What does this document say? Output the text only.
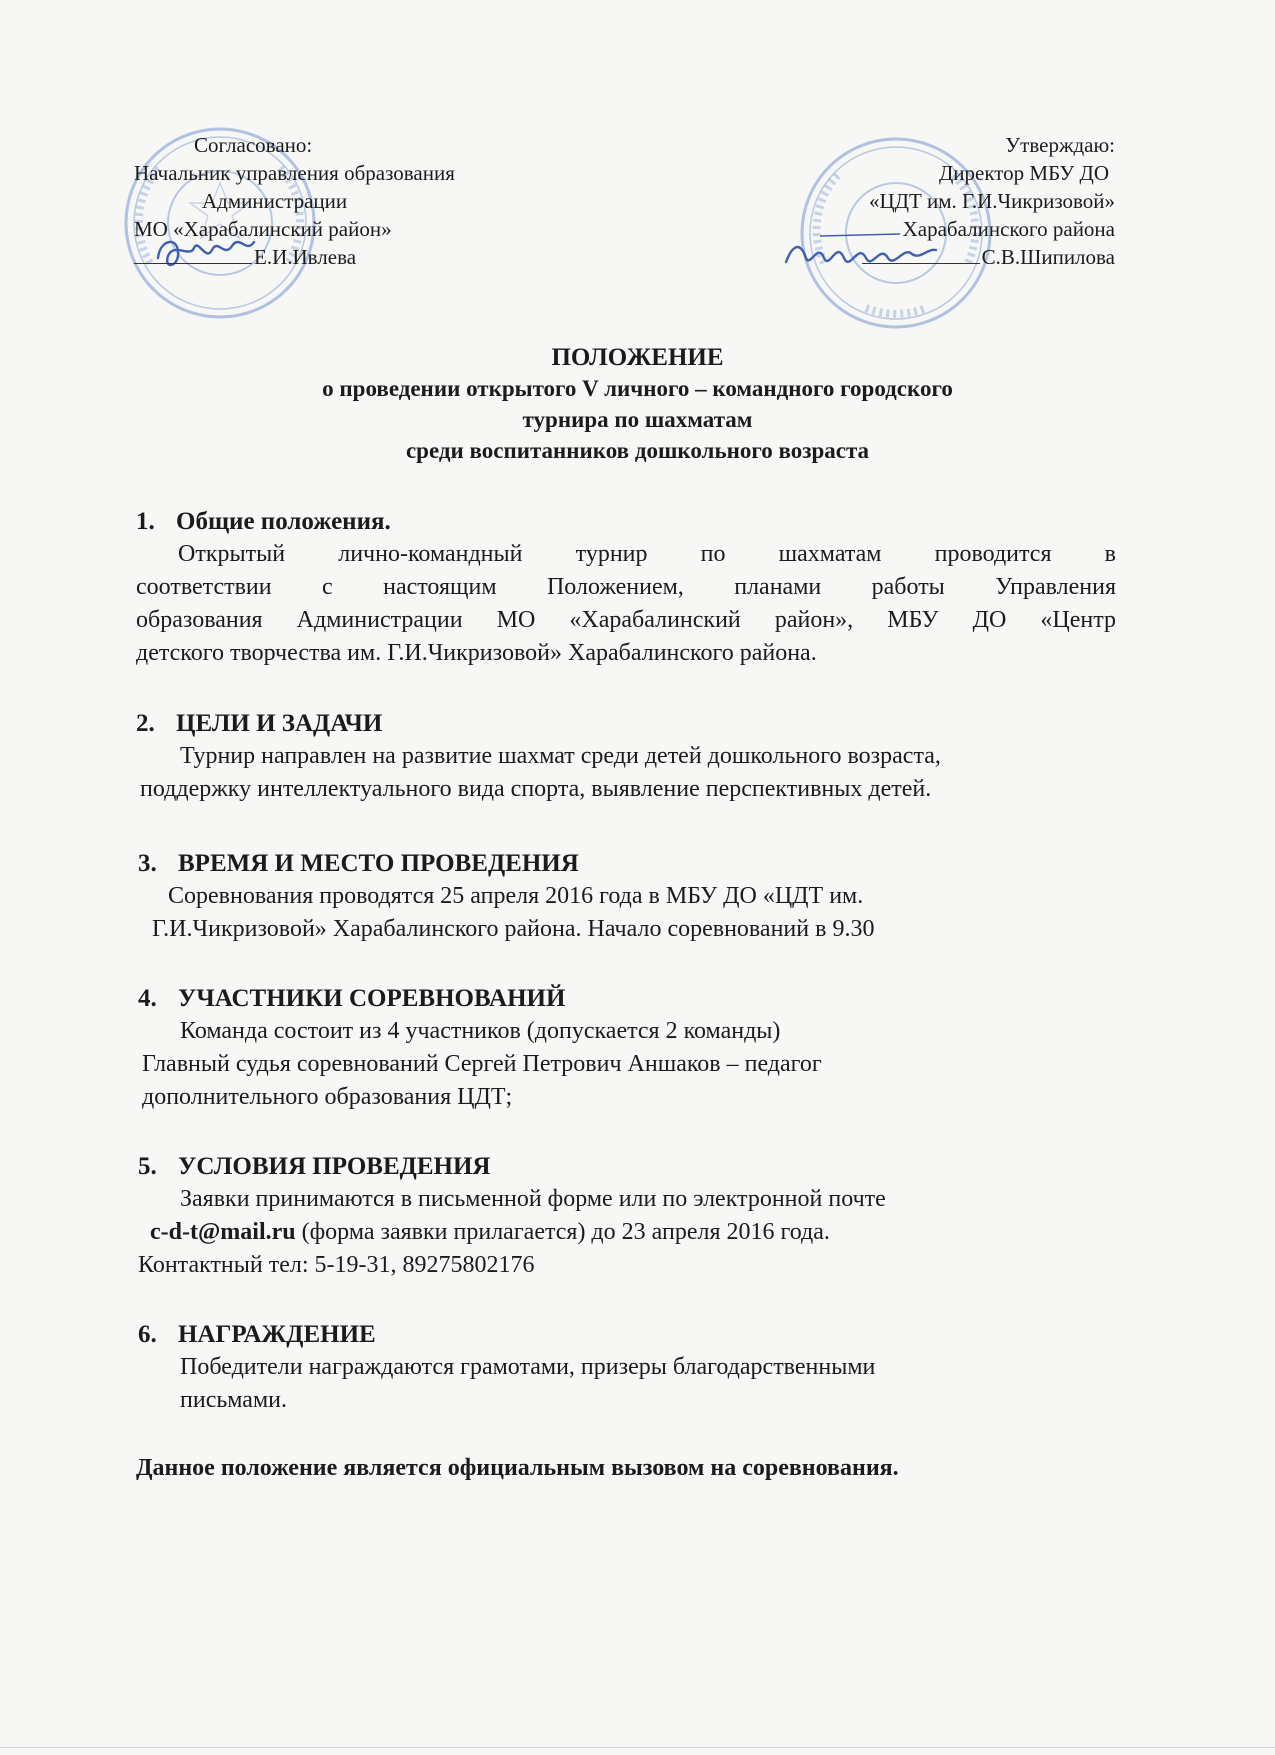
Согласовано:
Начальник управления образования
Администрации
МО «Харабалинский район»
Е.И.Ивлева
Утверждаю:
Директор МБУ ДО
«ЦДТ им. Г.И.Чикризовой»
Харабалинского района
С.В.Шипилова
ПОЛОЖЕНИЕ
о проведении открытого V личного – командного городского
турнира по шахматам
среди воспитанников дошкольного возраста
1. Общие положения.
Открытый лично-командный турнир по шахматам проводится в
соответствии с настоящим Положением, планами работы Управления
образования Администрации МО «Харабалинский район», МБУ ДО «Центр
детского творчества им. Г.И.Чикризовой» Харабалинского района.
2. ЦЕЛИ И ЗАДАЧИ
Турнир направлен на развитие шахмат среди детей дошкольного возраста,
поддержку интеллектуального вида спорта, выявление перспективных детей.
3. ВРЕМЯ И МЕСТО ПРОВЕДЕНИЯ
Соревнования проводятся 25 апреля 2016 года в МБУ ДО «ЦДТ им.
Г.И.Чикризовой» Харабалинского района. Начало соревнований в 9.30
4. УЧАСТНИКИ СОРЕВНОВАНИЙ
Команда состоит из 4 участников (допускается 2 команды)
Главный судья соревнований Сергей Петрович Аншаков – педагог
дополнительного образования ЦДТ;
5. УСЛОВИЯ ПРОВЕДЕНИЯ
Заявки принимаются в письменной форме или по электронной почте
c-d-t@mail.ru (форма заявки прилагается) до 23 апреля 2016 года.
Контактный тел: 5-19-31, 89275802176
6. НАГРАЖДЕНИЕ
Победители награждаются грамотами, призеры благодарственными
письмами.
Данное положение является официальным вызовом на соревнования.
